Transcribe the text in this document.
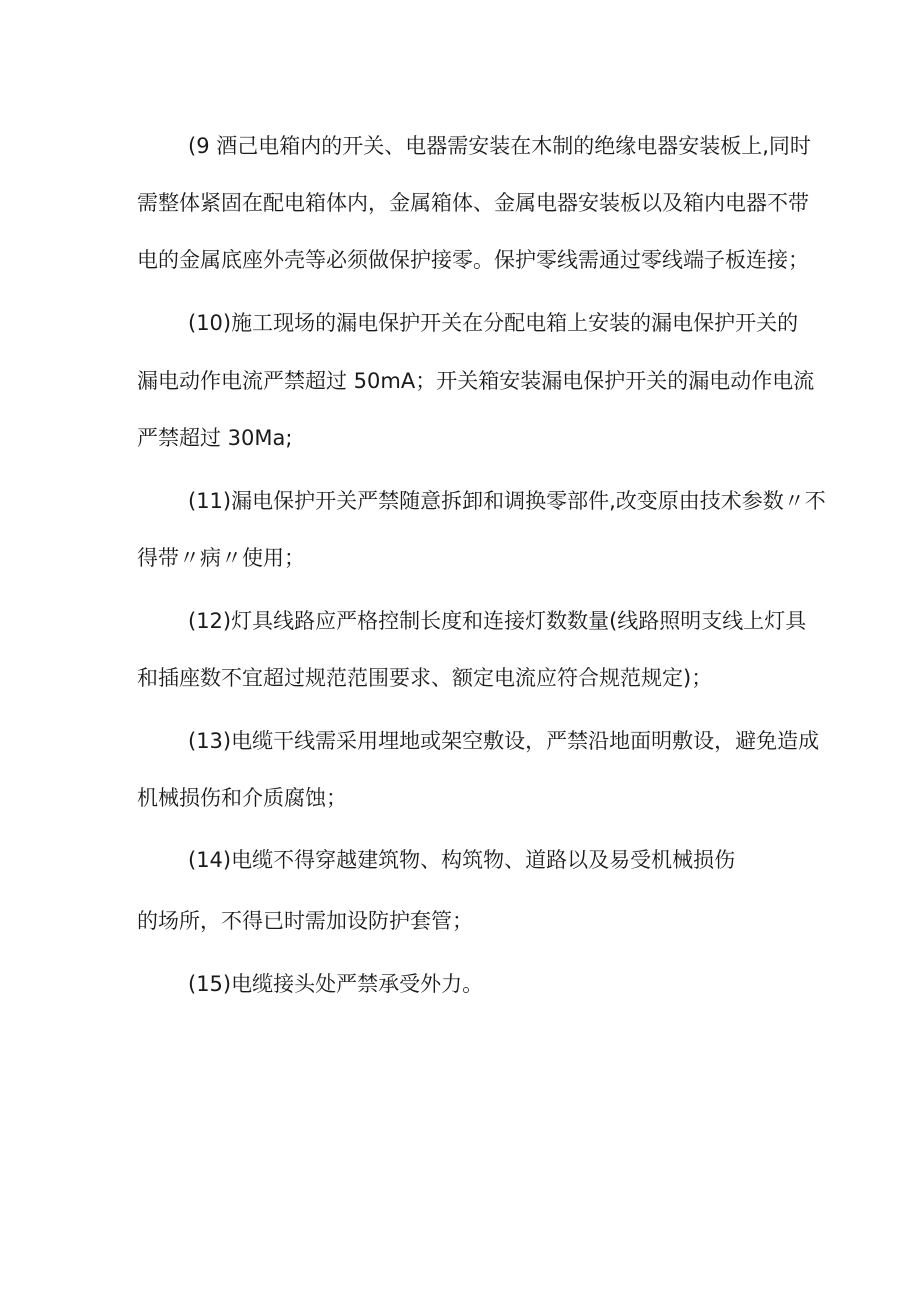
(9 酒己电箱内的开关、电器需安装在木制的绝缘电器安装板上,同时
需整体紧固在配电箱体内，金属箱体、金属电器安装板以及箱内电器不带
电的金属底座外壳等必须做保护接零。保护零线需通过零线端子板连接；
(10)施工现场的漏电保护开关在分配电箱上安装的漏电保护开关的
漏电动作电流严禁超过 50mA；开关箱安装漏电保护开关的漏电动作电流
严禁超过 30Ma;
(11)漏电保护开关严禁随意拆卸和调换零部件,改变原由技术参数〃不
得带〃病〃使用；
(12)灯具线路应严格控制长度和连接灯数数量(线路照明支线上灯具
和插座数不宜超过规范范围要求、额定电流应符合规范规定)；
(13)电缆干线需采用埋地或架空敷设，严禁沿地面明敷设，避免造成
机械损伤和介质腐蚀；
(14)电缆不得穿越建筑物、构筑物、道路以及易受机械损伤
的场所，不得已时需加设防护套管；
(15)电缆接头处严禁承受外力。
